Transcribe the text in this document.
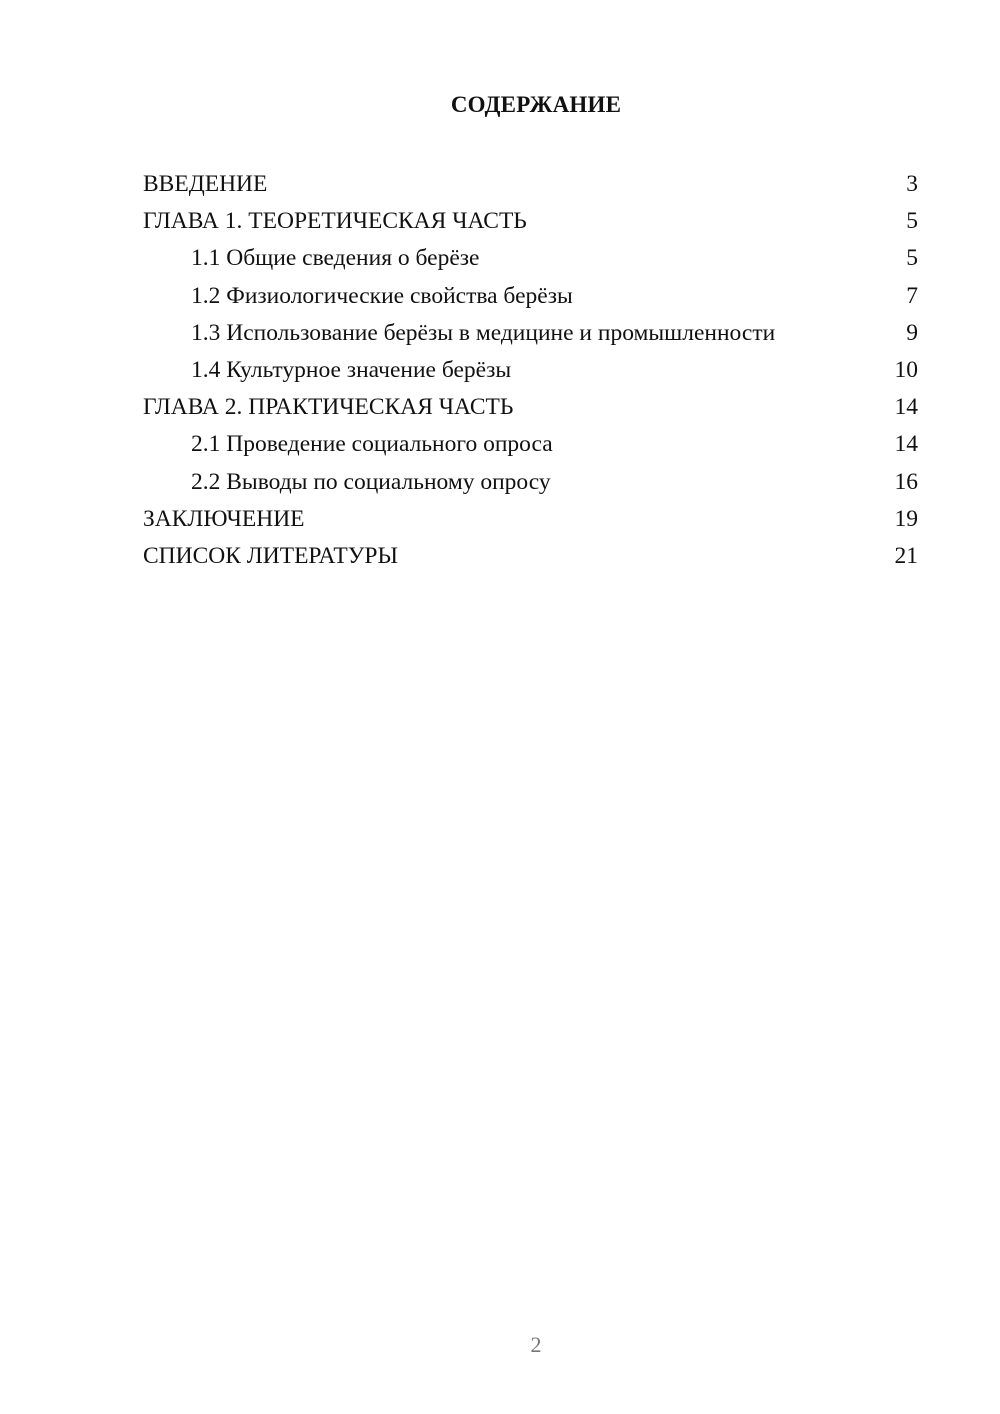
СОДЕРЖАНИЕ
ВВЕДЕНИЕ	3
ГЛАВА 1. ТЕОРЕТИЧЕСКАЯ ЧАСТЬ	5
1.1 Общие сведения о берёзе	5
1.2 Физиологические свойства берёзы	7
1.3 Использование берёзы в медицине и промышленности	9
1.4 Культурное значение берёзы	10
ГЛАВА 2. ПРАКТИЧЕСКАЯ ЧАСТЬ	14
2.1 Проведение социального опроса	14
2.2 Выводы по социальному опросу	16
ЗАКЛЮЧЕНИЕ	19
СПИСОК ЛИТЕРАТУРЫ	21
2
